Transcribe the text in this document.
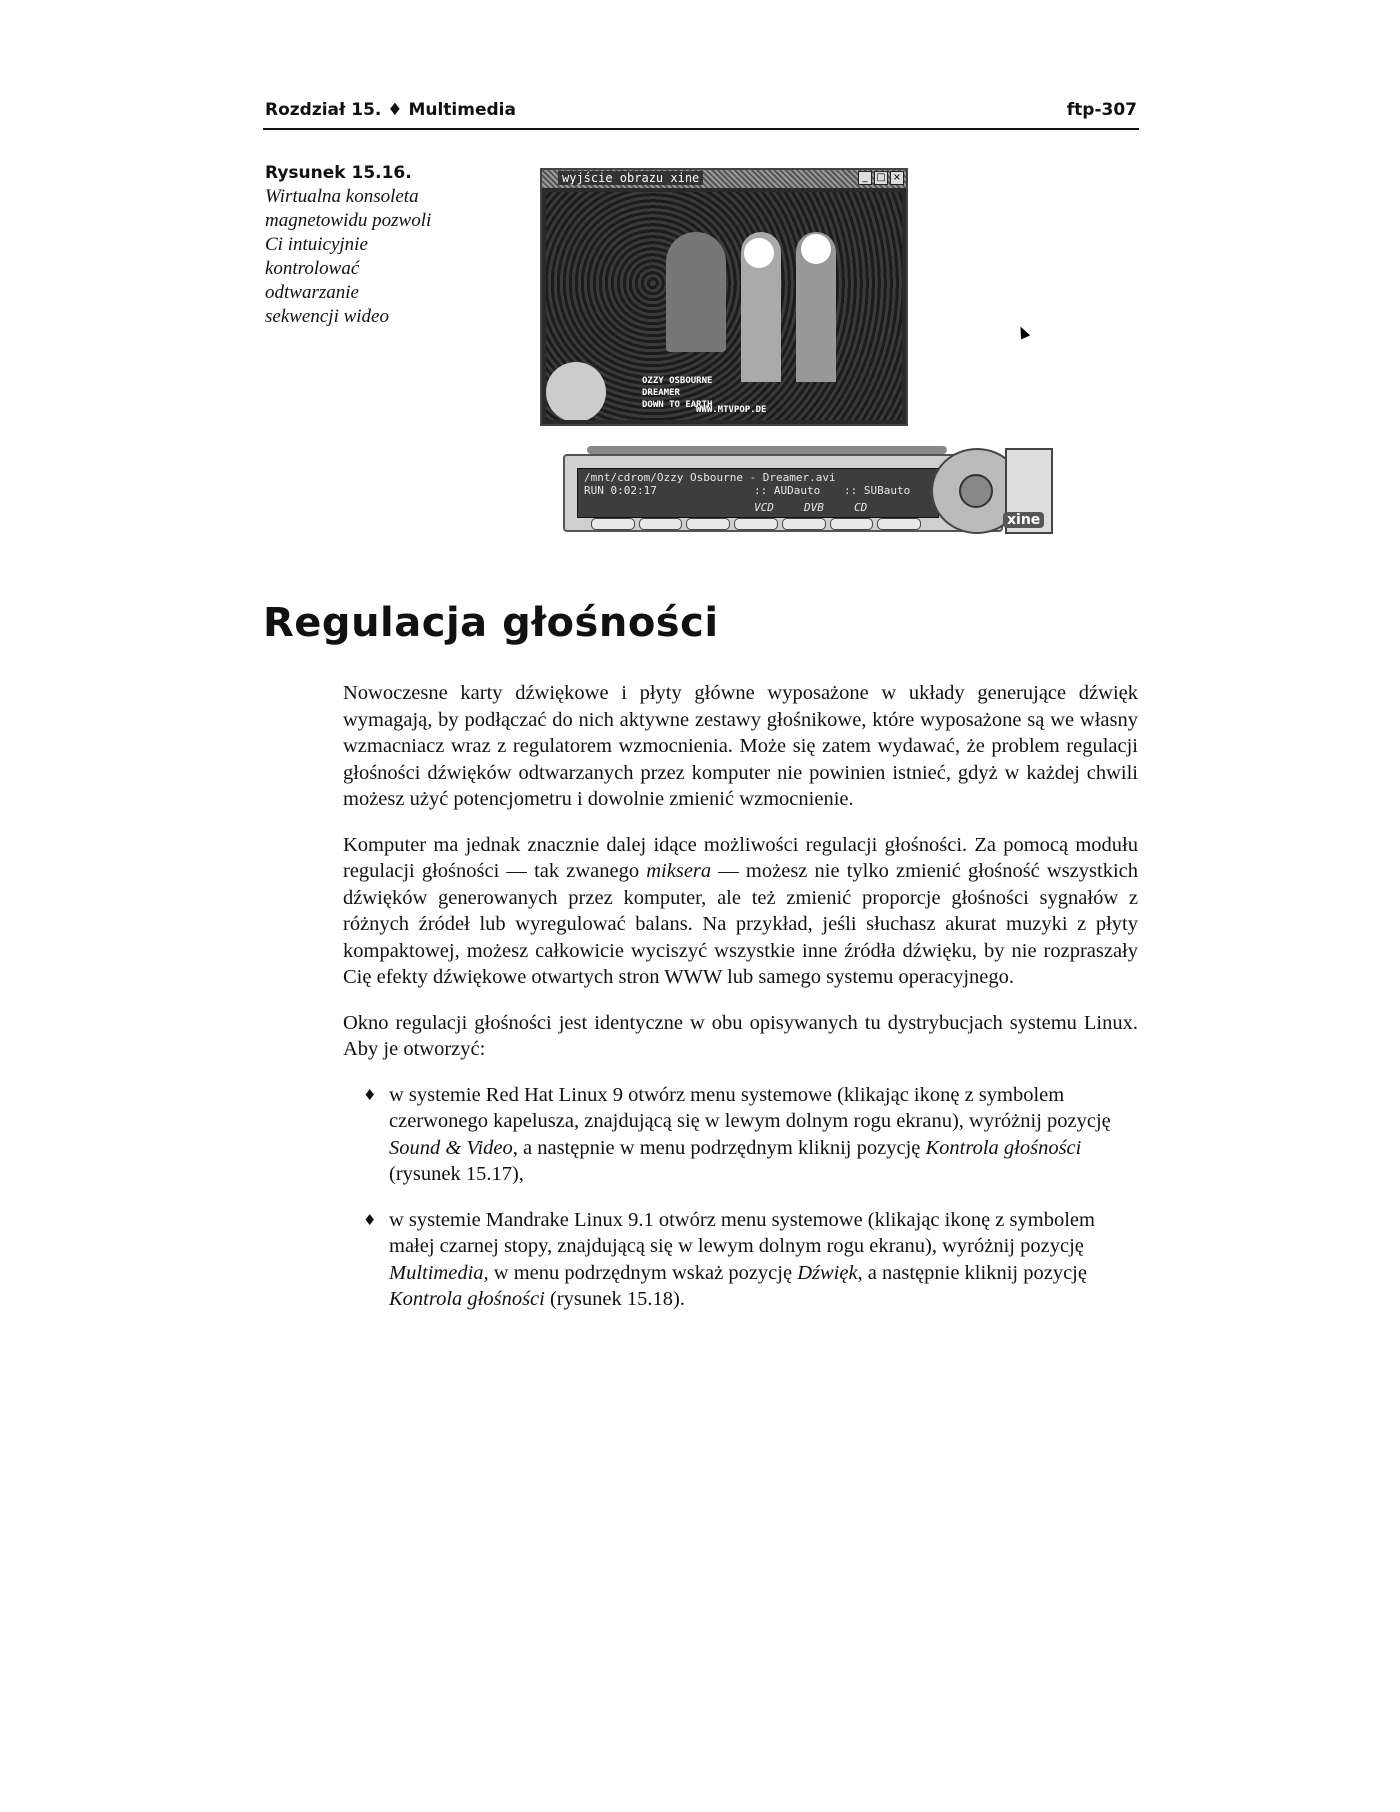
Rozdział 15. ♦ Multimedia	ftp-307
Rysunek 15.16.
Wirtualna konsoleta magnetowidu pozwoli Ci intuicyjnie kontrolować odtwarzanie sekwencji wideo
wyjście obrazu xine	_ □ ×
OZZY OSBOURNE
DREAMER
DOWN TO EARTH
WWW.MTVPOP.DE
/mnt/cdrom/Ozzy Osbourne - Dreamer.avi
RUN 0:02:17	:: AUDauto :: SUBauto
VCD	DVB	CD
xine
Regulacja głośności

Nowoczesne karty dźwiękowe i płyty główne wyposażone w układy generujące dźwięk wymagają, by podłączać do nich aktywne zestawy głośnikowe, które wyposażone są we własny wzmacniacz wraz z regulatorem wzmocnienia. Może się zatem wydawać, że problem regulacji głośności dźwięków odtwarzanych przez komputer nie powinien istnieć, gdyż w każdej chwili możesz użyć potencjometru i dowolnie zmienić wzmocnienie.

Komputer ma jednak znacznie dalej idące możliwości regulacji głośności. Za pomocą modułu regulacji głośności — tak zwanego miksera — możesz nie tylko zmienić głośność wszystkich dźwięków generowanych przez komputer, ale też zmienić proporcje głośności sygnałów z różnych źródeł lub wyregulować balans. Na przykład, jeśli słuchasz akurat muzyki z płyty kompaktowej, możesz całkowicie wyciszyć wszystkie inne źródła dźwięku, by nie rozpraszały Cię efekty dźwiękowe otwartych stron WWW lub samego systemu operacyjnego.

Okno regulacji głośności jest identyczne w obu opisywanych tu dystrybucjach systemu Linux. Aby je otworzyć:

♦ w systemie Red Hat Linux 9 otwórz menu systemowe (klikając ikonę z symbolem czerwonego kapelusza, znajdującą się w lewym dolnym rogu ekranu), wyróżnij pozycję Sound & Video, a następnie w menu podrzędnym kliknij pozycję Kontrola głośności (rysunek 15.17),
♦ w systemie Mandrake Linux 9.1 otwórz menu systemowe (klikając ikonę z symbolem małej czarnej stopy, znajdującą się w lewym dolnym rogu ekranu), wyróżnij pozycję Multimedia, w menu podrzędnym wskaż pozycję Dźwięk, a następnie kliknij pozycję Kontrola głośności (rysunek 15.18).
